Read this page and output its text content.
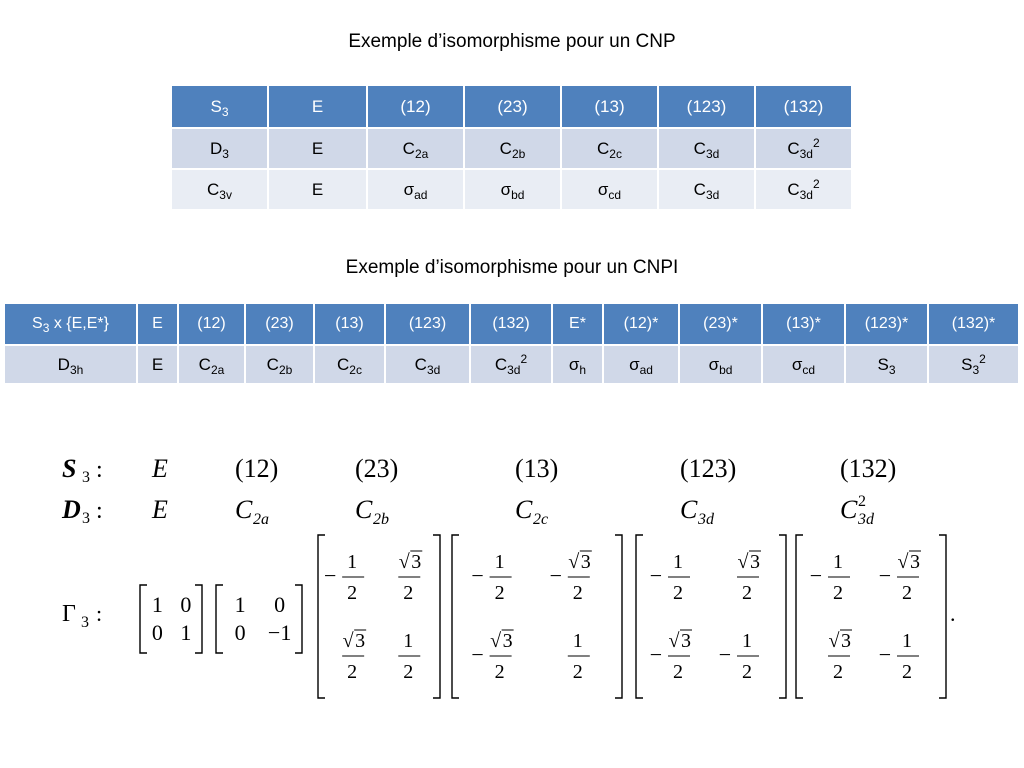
Exemple d’isomorphisme pour un CNP
$S_3$	E	(12)	(23)	(13)	(123)	(132)
$D_3$	E	$C_{2a}$	$C_{2b}$	$C_{2c}$	$C_{3d}$	$C_{3d}^2$
$C_{3v}$	E	$\sigma_{ad}$	$\sigma_{bd}$	$\sigma_{cd}$	$C_{3d}$	$C_{3d}^2$
Exemple d’isomorphisme pour un CNPI
$S_3$ x {E,E*}	E	(12)	(23)	(13)	(123)	(132)	E*	(12)*	(23)*	(13)*	(123)*	(132)*
$D_{3h}$	E	$C_{2a}$	$C_{2b}$	$C_{2c}$	$C_{3d}$	$C_{3d}^2$	$\sigma_h$	$\sigma_{ad}$	$\sigma_{bd}$	$\sigma_{cd}$	$S_3$	$S_3^2$
S 3 : E	(12)	(23)	(13)	(123)	(132)
D 3 : E	C 2a	C 2b	C 2c	C 3d	C 3d
2
Γ 3 : 1 0
0 1
1 0
0 −1
−
1
2
√ 3
2
√ 3
2
1
2
−
1
2
−
√ 3
2
−
√ 3
2
1
2
−
1
2
√ 3
2
−
√ 3
2
−
1
2
−
1
2
−
√ 3
2
√ 3
2
−
1
2
.
